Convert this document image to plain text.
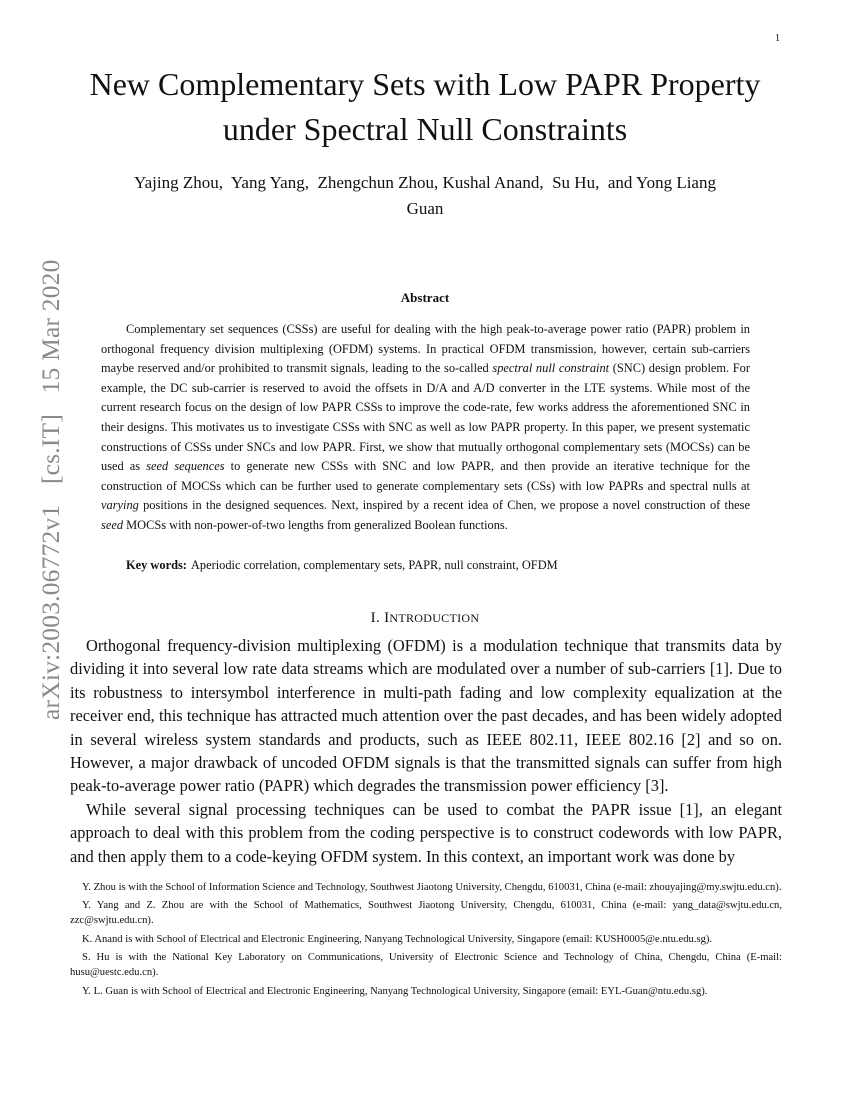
1
arXiv:2003.06772v1 [cs.IT] 15 Mar 2020
New Complementary Sets with Low PAPR Property
under Spectral Null Constraints
Yajing Zhou,  Yang Yang,  Zhengchun Zhou, Kushal Anand,  Su Hu,  and Yong Liang
Guan
Abstract

Complementary set sequences (CSSs) are useful for dealing with the high peak-to-average power ratio (PAPR) problem in orthogonal frequency division multiplexing (OFDM) systems. In practical OFDM transmission, however, certain sub-carriers maybe reserved and/or prohibited to transmit signals, leading to the so-called spectral null constraint (SNC) design problem. For example, the DC sub-carrier is reserved to avoid the offsets in D/A and A/D converter in the LTE systems. While most of the current research focus on the design of low PAPR CSSs to improve the code-rate, few works address the aforementioned SNC in their designs. This motivates us to investigate CSSs with SNC as well as low PAPR property. In this paper, we present systematic constructions of CSSs under SNCs and low PAPR. First, we show that mutually orthogonal complementary sets (MOCSs) can be used as seed sequences to generate new CSSs with SNC and low PAPR, and then provide an iterative technique for the construction of MOCSs which can be further used to generate complementary sets (CSs) with low PAPRs and spectral nulls at varying positions in the designed sequences. Next, inspired by a recent idea of Chen, we propose a novel construction of these seed MOCSs with non-power-of-two lengths from generalized Boolean functions.

Key words: Aperiodic correlation, complementary sets, PAPR, null constraint, OFDM
I. INTRODUCTION

Orthogonal frequency-division multiplexing (OFDM) is a modulation technique that transmits data by dividing it into several low rate data streams which are modulated over a number of sub-carriers [1]. Due to its robustness to intersymbol interference in multi-path fading and low complexity equalization at the receiver end, this technique has attracted much attention over the past decades, and has been widely adopted in several wireless system standards and products, such as IEEE 802.11, IEEE 802.16 [2] and so on. However, a major drawback of uncoded OFDM signals is that the transmitted signals can suffer from high peak-to-average power ratio (PAPR) which degrades the transmission power efficiency [3].

While several signal processing techniques can be used to combat the PAPR issue [1], an elegant approach to deal with this problem from the coding perspective is to construct codewords with low PAPR, and then apply them to a code-keying OFDM system. In this context, an important work was done by

Y. Zhou is with the School of Information Science and Technology, Southwest Jiaotong University, Chengdu, 610031, China (e-mail: zhouyajing@my.swjtu.edu.cn).

Y. Yang and Z. Zhou are with the School of Mathematics, Southwest Jiaotong University, Chengdu, 610031, China (e-mail: yang_data@swjtu.edu.cn, zzc@swjtu.edu.cn).

K. Anand is with School of Electrical and Electronic Engineering, Nanyang Technological University, Singapore (email: KUSH0005@e.ntu.edu.sg).

S. Hu is with the National Key Laboratory on Communications, University of Electronic Science and Technology of China, Chengdu, China (E-mail: husu@uestc.edu.cn).

Y. L. Guan is with School of Electrical and Electronic Engineering, Nanyang Technological University, Singapore (email: EYL-Guan@ntu.edu.sg).
